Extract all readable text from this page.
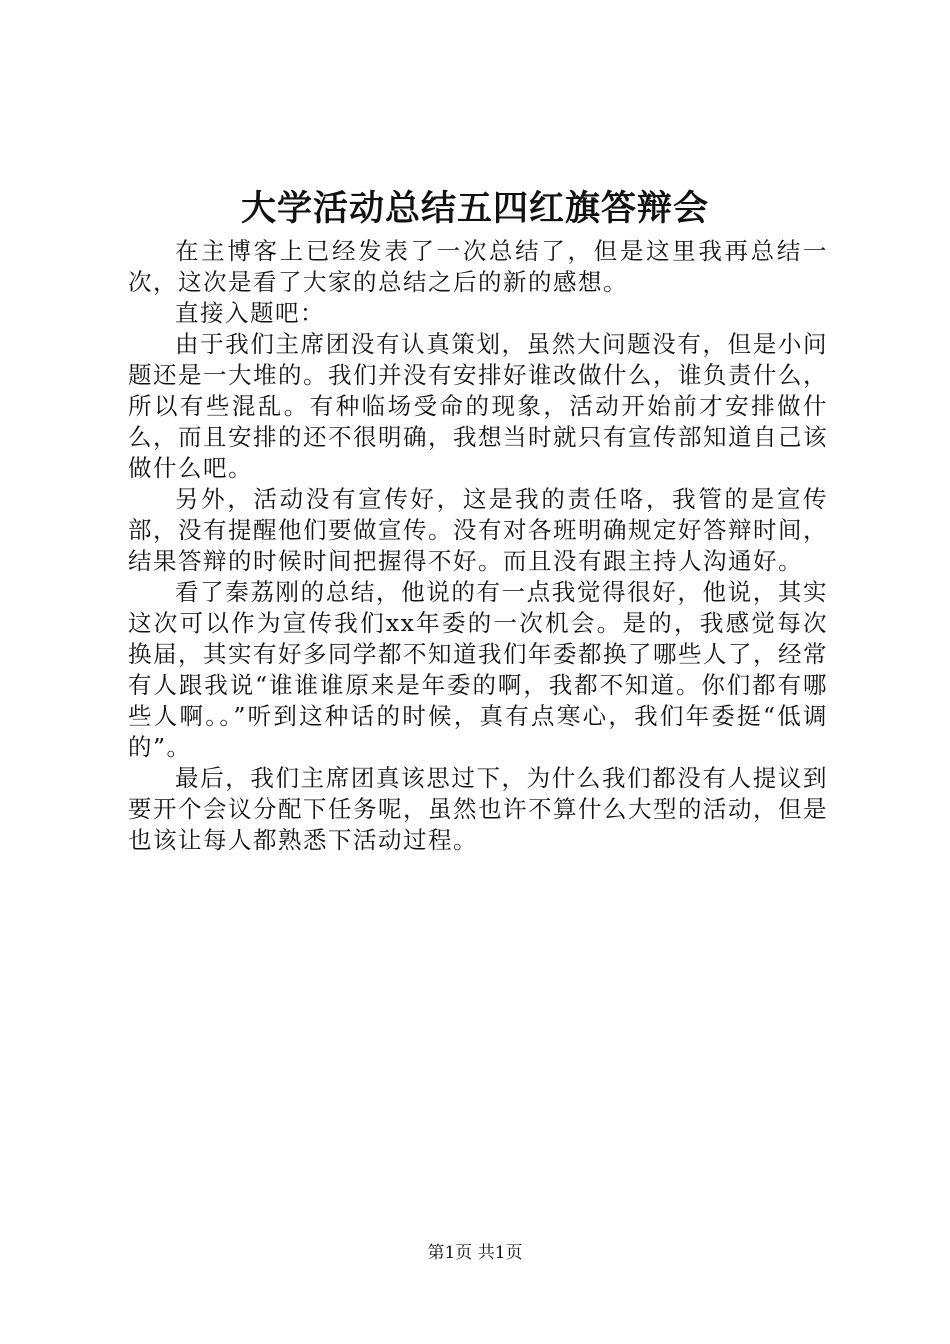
大学活动总结五四红旗答辩会

在主博客上已经发表了一次总结了，但是这里我再总结一次，这次是看了大家的总结之后的新的感想。

直接入题吧：

由于我们主席团没有认真策划，虽然大问题没有，但是小问题还是一大堆的。我们并没有安排好谁改做什么，谁负责什么，所以有些混乱。有种临场受命的现象，活动开始前才安排做什么，而且安排的还不很明确，我想当时就只有宣传部知道自己该做什么吧。

另外，活动没有宣传好，这是我的责任咯，我管的是宣传部，没有提醒他们要做宣传。没有对各班明确规定好答辩时间，结果答辩的时候时间把握得不好。而且没有跟主持人沟通好。

看了秦荔刚的总结，他说的有一点我觉得很好，他说，其实这次可以作为宣传我们xx年委的一次机会。是的，我感觉每次换届，其实有好多同学都不知道我们年委都换了哪些人了，经常有人跟我说“谁谁谁原来是年委的啊，我都不知道。你们都有哪些人啊。。”听到这种话的时候，真有点寒心，我们年委挺“低调的”。

最后，我们主席团真该思过下，为什么我们都没有人提议到要开个会议分配下任务呢，虽然也许不算什么大型的活动，但是也该让每人都熟悉下活动过程。

第1页 共1页
